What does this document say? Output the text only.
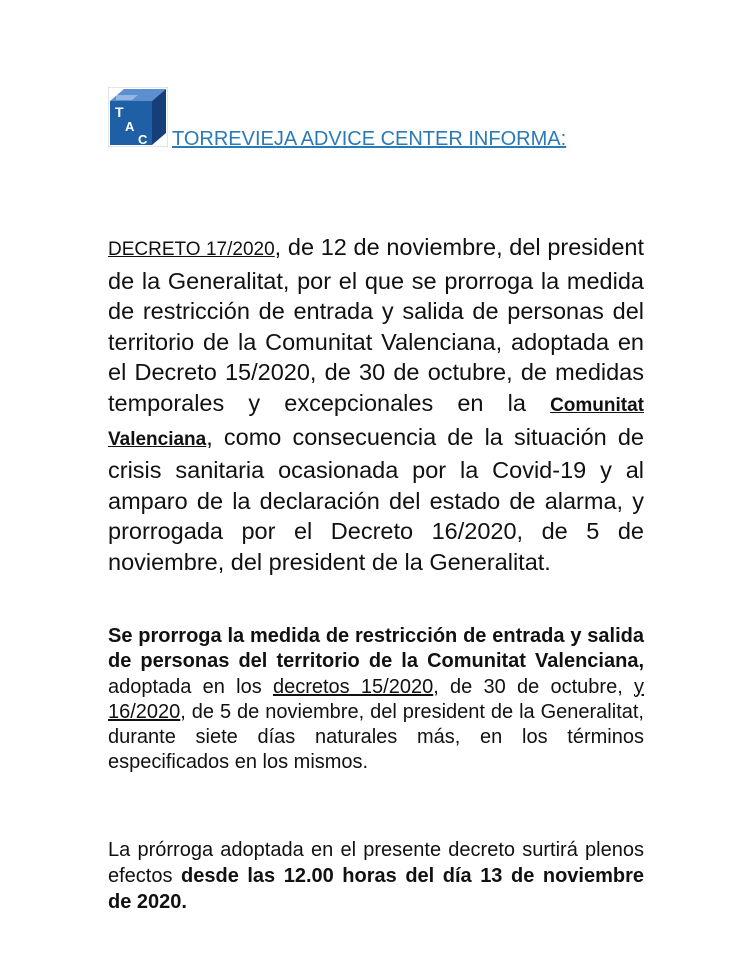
T
A
C TORREVIEJA ADVICE CENTER INFORMA:
DECRETO 17/2020, de 12 de noviembre, del president de la Generalitat, por el que se prorroga la medida de restricción de entrada y salida de personas del territorio de la Comunitat Valenciana, adoptada en el Decreto 15/2020, de 30 de octubre, de medidas temporales y excepcionales en la Comunitat Valenciana, como consecuencia de la situación de crisis sanitaria ocasionada por la Covid-19 y al amparo de la declaración del estado de alarma, y prorrogada por el Decreto 16/2020, de 5 de noviembre, del president de la Generalitat.
Se prorroga la medida de restricción de entrada y salida de personas del territorio de la Comunitat Valenciana, adoptada en los decretos 15/2020, de 30 de octubre, y 16/2020, de 5 de noviembre, del president de la Generalitat, durante siete días naturales más, en los términos especificados en los mismos.
La prórroga adoptada en el presente decreto surtirá plenos efectos desde las 12.00 horas del día 13 de noviembre de 2020.
